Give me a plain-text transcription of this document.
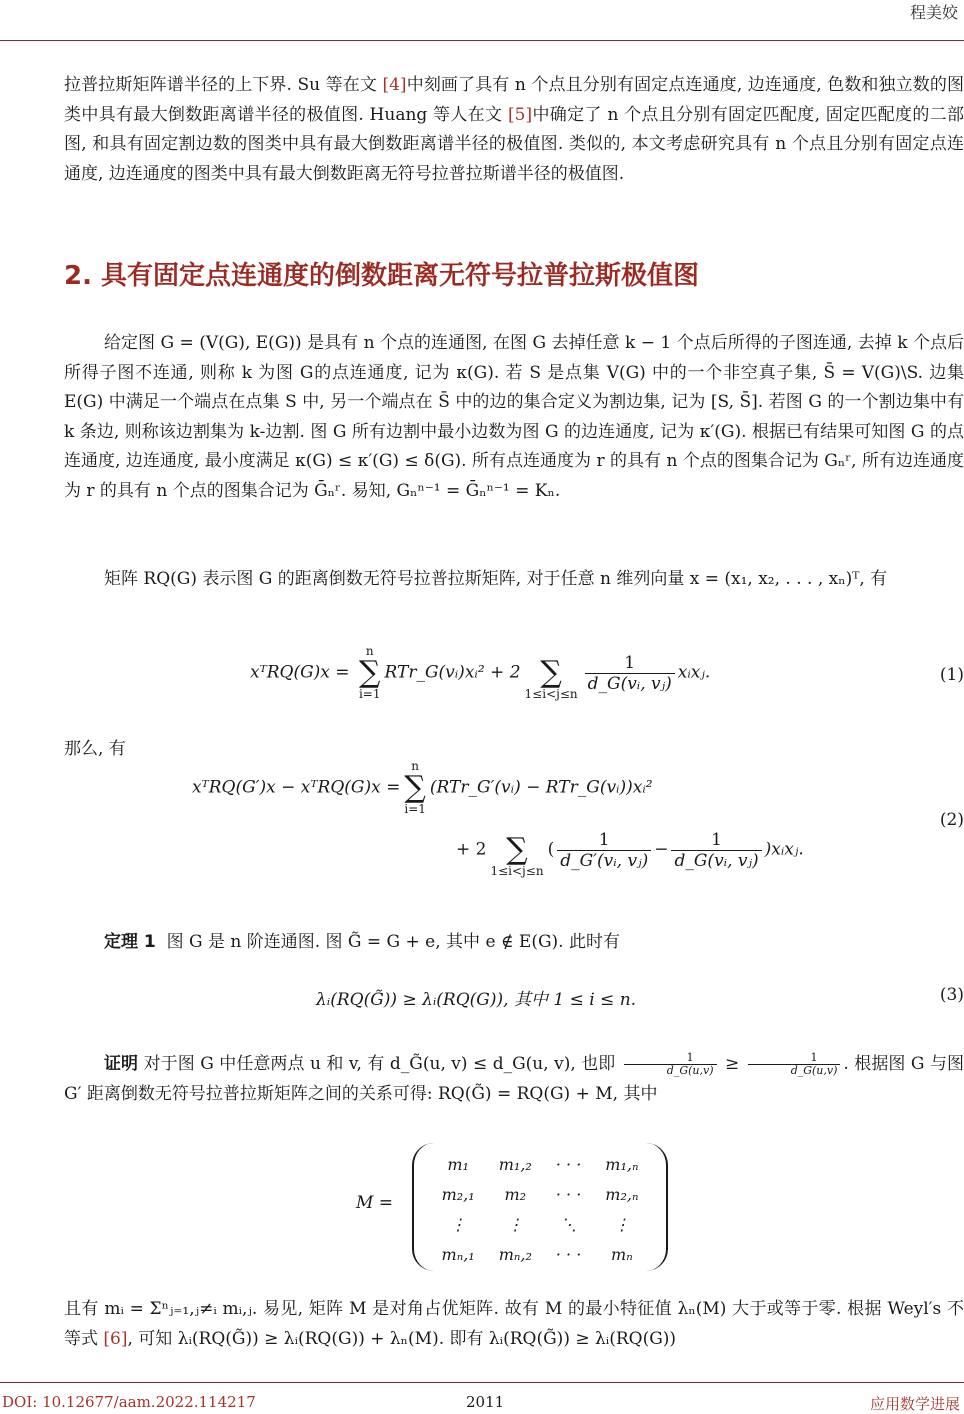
程美姣

拉普拉斯矩阵谱半径的上下界. Su 等在文 [4]中刻画了具有 n 个点且分别有固定点连通度, 边连通度, 色数和独立数的图类中具有最大倒数距离谱半径的极值图. Huang 等人在文 [5]中确定了 n 个点且分别有固定匹配度, 固定匹配度的二部图, 和具有固定割边数的图类中具有最大倒数距离谱半径的极值图. 类似的, 本文考虑研究具有 n 个点且分别有固定点连通度, 边连通度的图类中具有最大倒数距离无符号拉普拉斯谱半径的极值图.

2. 具有固定点连通度的倒数距离无符号拉普拉斯极值图

给定图 G = (V(G), E(G)) 是具有 n 个点的连通图, 在图 G 去掉任意 k − 1 个点后所得的子图连通, 去掉 k 个点后所得子图不连通, 则称 k 为图 G的点连通度, 记为 κ(G). 若 S 是点集 V(G) 中的一个非空真子集, S̄ = V(G)\S. 边集 E(G) 中满足一个端点在点集 S 中, 另一个端点在 S̄ 中的边的集合定义为割边集, 记为 [S, S̄]. 若图 G 的一个割边集中有 k 条边, 则称该边割集为 k-边割. 图 G 所有边割中最小边数为图 G 的边连通度, 记为 κ′(G). 根据已有结果可知图 G 的点连通度, 边连通度, 最小度满足 κ(G) ≤ κ′(G) ≤ δ(G). 所有点连通度为 r 的具有 n 个点的图集合记为 Gₙʳ, 所有边连通度为 r 的具有 n 个点的图集合记为 Ḡₙʳ. 易知, Gₙⁿ⁻¹ = Ḡₙⁿ⁻¹ = Kₙ.

矩阵 RQ(G) 表示图 G 的距离倒数无符号拉普拉斯矩阵, 对于任意 n 维列向量 x = (x₁, x₂, . . . , xₙ)ᵀ, 有

xᵀRQ(G)x =
n
∑
i=1
RTr_G(vᵢ)xᵢ² + 2
∑
1≤i<j≤n
$\frac{1}{\text{d\_G(vᵢ, vⱼ)}}$ xᵢxⱼ.	(1)

那么, 有

xᵀRQ(G′)x − xᵀRQ(G)x =
n
∑
i=1
(RTr_G′(vᵢ) − RTr_G(vᵢ))xᵢ²
+ 2
∑
1≤i<j≤n
( $\frac{1}{\text{d\_G′(vᵢ, vⱼ)}} - \frac{1}{\text{d\_G(vᵢ, vⱼ)}}$ )xᵢxⱼ.
(2)

定理 1 图 G 是 n 阶连通图. 图 G̃ = G + e, 其中 e ∉ E(G). 此时有

λᵢ(RQ(G̃)) ≥ λᵢ(RQ(G)), 其中 1 ≤ i ≤ n.	(3)

证明 对于图 G 中任意两点 u 和 v, 有 d_G̃(u, v) ≤ d_G(u, v), 也即 $\frac{1}{d\_G̃(u,v)} \ge \frac{1}{d\_G(u,v)}$ . 根据图 G 与图 G′ 距离倒数无符号拉普拉斯矩阵之间的关系可得: RQ(G̃) = RQ(G) + M, 其中

M =
m₁	m₁,₂	· · ·	m₁,ₙ
m₂,₁	m₂	· · ·	m₂,ₙ
⋮	⋮	⋱	⋮
mₙ,₁	mₙ,₂	· · ·	mₙ

且有 mᵢ = Σⁿⱼ₌₁,ⱼ≠ᵢ mᵢ,ⱼ. 易见, 矩阵 M 是对角占优矩阵. 故有 M 的最小特征值 λₙ(M) 大于或等于零. 根据 Weyl′s 不等式 [6], 可知 λᵢ(RQ(G̃)) ≥ λᵢ(RQ(G)) + λₙ(M). 即有 λᵢ(RQ(G̃)) ≥ λᵢ(RQ(G))

DOI: 10.12677/aam.2022.114217	2011	应用数学进展
